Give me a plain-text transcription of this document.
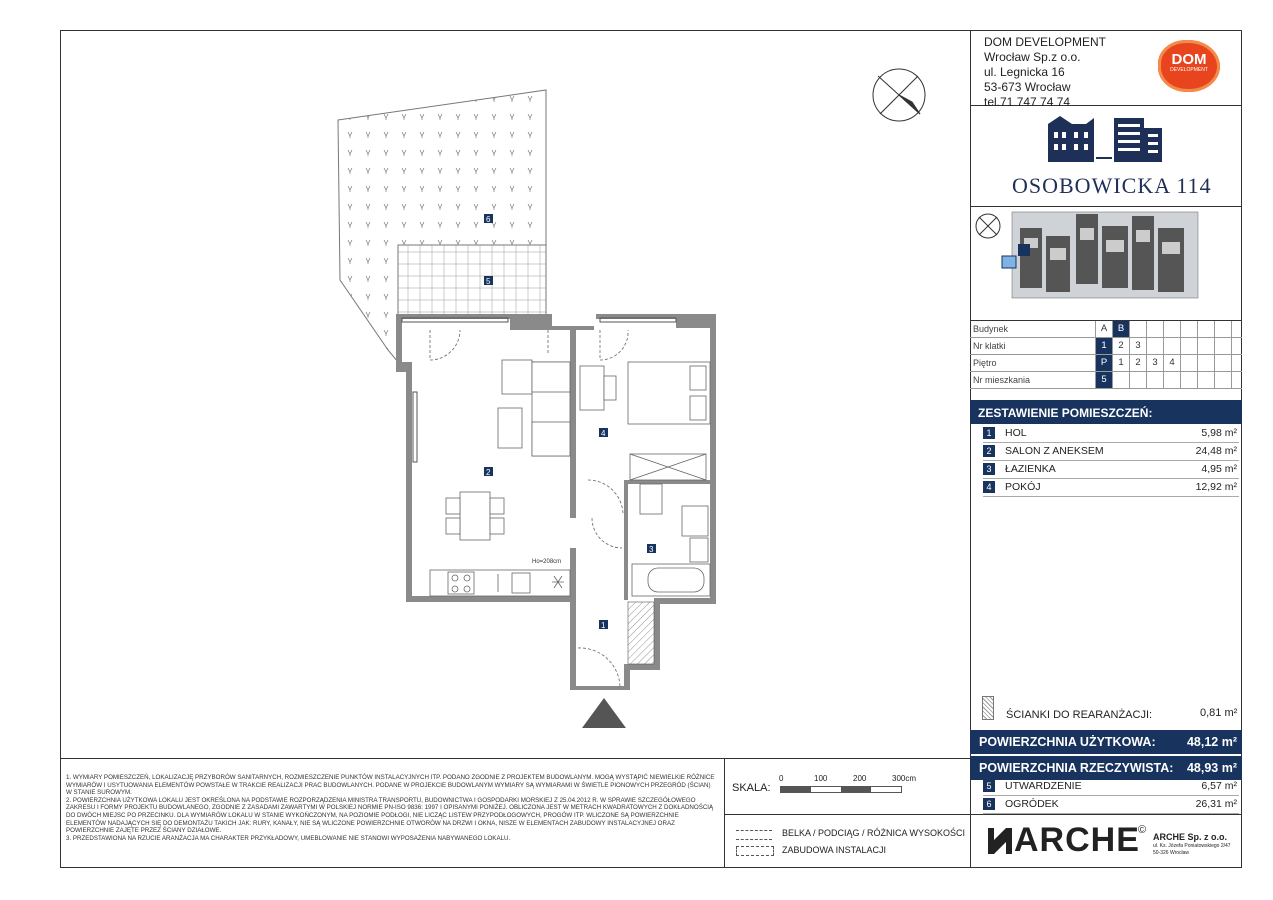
1
2
3
4
5
6
Hο=208cm
DOM DEVELOPMENT
Wrocław Sp.z o.o.
ul. Legnicka 16
53-673 Wrocław
tel.71 747 74 74
DOM
DEVELOPMENT
OSOBOWICKA 114
Budynek	A	B
Nr klatki	1	2	3
Piętro	P	1	2	3	4
Nr mieszkania	5
ZESTAWIENIE POMIESZCZEŃ:
1	HOL	5,98 m²
2	SALON Z ANEKSEM	24,48 m²
3	ŁAZIENKA	4,95 m²
4	POKÓJ	12,92 m²
ŚCIANKI DO REARANŻACJI:	0,81 m²
POWIERZCHNIA UŻYTKOWA:	48,12 m²
POWIERZCHNIA RZECZYWISTA: 48,93 m²
5	UTWARDZENIE	6,57 m²
6	OGRÓDEK	26,31 m²
ARCHE
©
ARCHE Sp. z o.o.
ul. Ks. Józefa Poniatowskiego 2/47
50-326 Wrocław
SKALA:
0	100	200	300cm
BELKA / PODCIĄG / RÓŻNICA WYSOKOŚCI
ZABUDOWA INSTALACJI
1. WYMIARY POMIESZCZEŃ, LOKALIZACJĘ PRZYBORÓW SANITARNYCH, ROZMIESZCZENIE PUNKTÓW INSTALACYJNYCH ITP. PODANO ZGODNIE Z PROJEKTEM BUDOWLANYM. MOGĄ WYSTĄPIĆ NIEWIELKIE RÓŻNICE WYMIARÓW I USYTUOWANIA ELEMENTÓW POWSTAŁE W TRAKCIE REALIZACJI PRAC BUDOWLANYCH. PODANE W PROJEKCIE BUDOWLANYM WYMIARY SĄ WYMIARAMI W ŚWIETLE PIONOWYCH PRZEGRÓD (ŚCIAN) W STANIE SUROWYM.
2. POWIERZCHNIA UŻYTKOWA LOKALU JEST OKREŚLONA NA PODSTAWIE ROZPORZĄDZENIA MINISTRA TRANSPORTU, BUDOWNICTWA I GOSPODARKI MORSKIEJ Z 25.04.2012 R. W SPRAWIE SZCZEGÓŁOWEGO ZAKRESU I FORMY PROJEKTU BUDOWLANEGO, ZGODNIE Z ZASADAMI ZAWARTYMI W POLSKIEJ NORMIE PN-ISO 9836: 1997 I OPISANYMI PONIŻEJ. OBLICZONA JEST W METRACH KWADRATOWYCH Z DOKŁADNOŚCIĄ DO DWÓCH MIEJSC PO PRZECINKU. DLA WYMIARÓW LOKALU W STANIE WYKOŃCZONYM, NA POZIOMIE PODŁOGI, NIE LICZĄC LISTEW PRZYPODŁOGOWYCH, PROGÓW ITP. WLICZONE SĄ POWIERZCHNIE ELEMENTÓW NADAJĄCYCH SIĘ DO DEMONTAŻU TAKICH JAK: RURY, KANAŁY, NIE SĄ WLICZONE POWIERZCHNIE OTWORÓW NA DRZWI I OKNA, NISZE W ELEMENTACH ZABUDOWY INSTALACYJNEJ ORAZ POWIERZCHNIE ZAJĘTE PRZEZ ŚCIANY DZIAŁOWE.
3. PRZEDSTAWIONA NA RZUCIE ARANŻACJA MA CHARAKTER PRZYKŁADOWY, UMEBLOWANIE NIE STANOWI WYPOSAŻENIA NABYWANEGO LOKALU.
